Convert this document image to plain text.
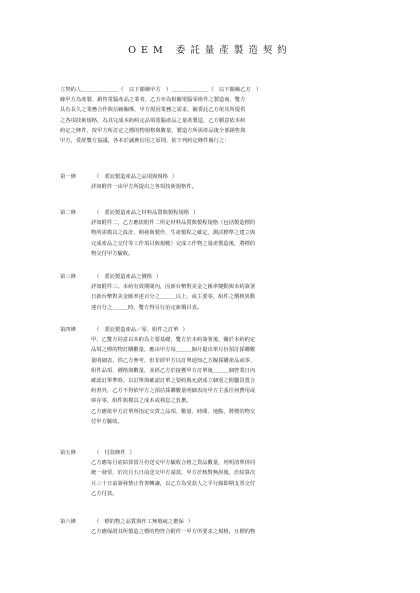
OEM 委託量產製造契約

立契約人＿＿＿＿＿＿＿（　以下簡稱甲方　）＿＿＿＿＿＿＿（　以下簡稱乙方　）

緣甲方為產製、銷售電腦產品之業者，乙方亦為相關電腦零組件之製造商，雙方

具有長久之業務合作與信賴關係，甲方現因業務之需求，擬委託乙方依其所提供

之各項技術規格，為其完成本約約定品項電腦產品之量產製造，乙方願意依本約

約定之條件，按甲方所訂定之標的物規格與數量，製造方所需產品後全部銷售與

甲方，爰經雙方協議，各本於誠實信用之原則，依下列約定條件履行之：

第一條	（ 委託製造產品之品項與規格 ）

詳如附件一由甲方所提出之各項技術規格件。

第二條	（ 委託製造產品之材料品質與製程規格 ）

詳如附件二，乙方應依附件二所定材料品質與製程規格（包括製造標的

物所需模具之設計、開發與製作，生產製程之確定，測試標準之建立與

完成產品之交付等工作項目與規範）完成工作物之量產製造後，將標的

物交付甲方驗收。

第三條	（ 委託製造產品之價格 ）

詳如附件三。本約有效期間內，因新台幣對美金之匯率變動與本約簽署

日新台幣對美金匯率達百分之＿＿＿以上，或主要零，組件之價格異動

達百分之＿＿＿時，雙方得另行治定新價目表。

第四條	（ 委託製造產品／零、組件之訂單 ）

甲、乙雙方同意以本約為主要基礎，雙方於本約簽署後，關於本約約定

品項之標的物訂購數量，應由甲方每＿＿＿個月提出單月份預訂採購數

量明細表，供乙方參考，但非經甲方以訂單通知乙方擬採購產品或零、

組件品項、價格與數量，並經乙方於接獲甲方訂單後＿＿＿個營業日內

確認訂單準時。以訂單與確認訂單之要約與允諾成立個別之附屬買賣合

約書外，乙方不得依甲方之預估採購數量明細表向甲方主張任何費用或

庫存零，組件與模具之成本或利息之負擔。

乙方應依甲方訂單所指定交貨之品項、數量、時間、地點，將標的物交

付甲方驗收。

第五條	（ 付款條件 ）

乙方應每月底結算當月份送交甲方驗收合格之貨品數量，列明清單併同

統一發票，於次月五日前送交甲方請款，甲方於核對無誤後，於結算次

月三十日前簽發禁止背書轉讓，以乙方為受款人之平行線即期支票交付

乙方付款。

第六條	（ 標的物之品質與作工無瑕疵之擔保 ）

乙方應保證其所製造之標的物符合附件一甲方所要求之規格，且標的物
